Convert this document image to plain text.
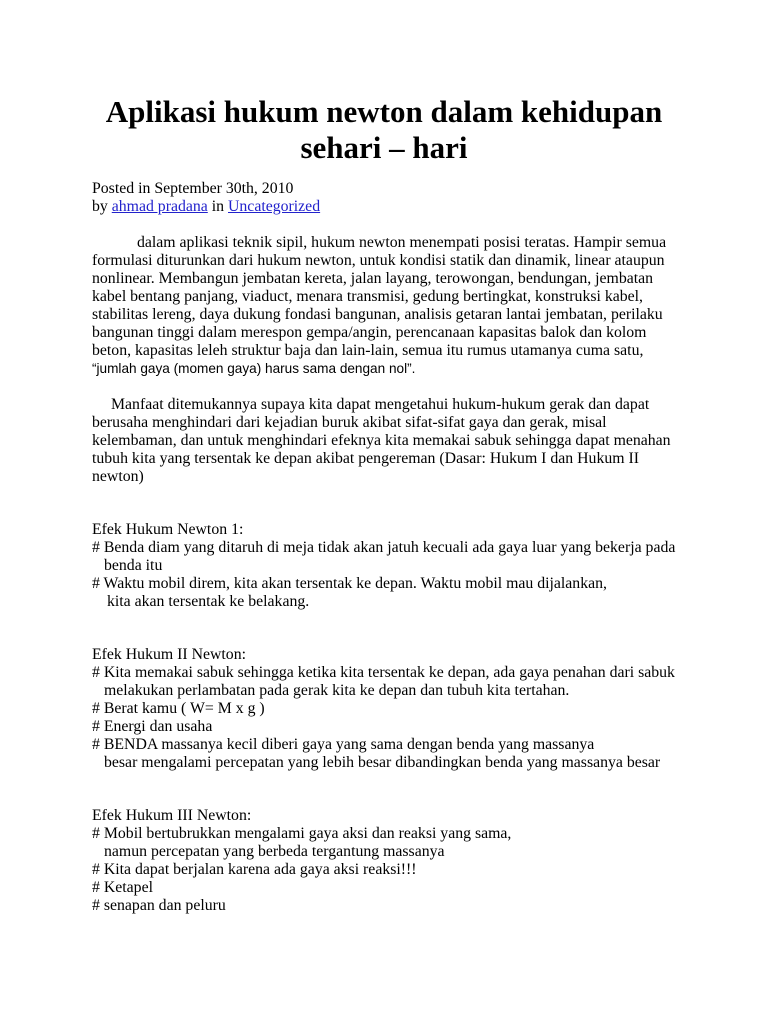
Aplikasi hukum newton dalam kehidupan
sehari – hari
Posted in September 30th, 2010
by ahmad pradana in Uncategorized
dalam aplikasi teknik sipil, hukum newton menempati posisi teratas. Hampir semua
formulasi diturunkan dari hukum newton, untuk kondisi statik dan dinamik, linear ataupun
nonlinear. Membangun jembatan kereta, jalan layang, terowongan, bendungan, jembatan
kabel bentang panjang, viaduct, menara transmisi, gedung bertingkat, konstruksi kabel,
stabilitas lereng, daya dukung fondasi bangunan, analisis getaran lantai jembatan, perilaku
bangunan tinggi dalam merespon gempa/angin, perencanaan kapasitas balok dan kolom
beton, kapasitas leleh struktur baja dan lain-lain, semua itu rumus utamanya cuma satu,
“jumlah gaya (momen gaya) harus sama dengan nol”.
Manfaat ditemukannya supaya kita dapat mengetahui hukum-hukum gerak dan dapat
berusaha menghindari dari kejadian buruk akibat sifat-sifat gaya dan gerak, misal
kelembaman, dan untuk menghindari efeknya kita memakai sabuk sehingga dapat menahan
tubuh kita yang tersentak ke depan akibat pengereman (Dasar: Hukum I dan Hukum II
newton)
Efek Hukum Newton 1:
# Benda diam yang ditaruh di meja tidak akan jatuh kecuali ada gaya luar yang bekerja pada
benda itu
# Waktu mobil direm, kita akan tersentak ke depan. Waktu mobil mau dijalankan,
kita akan tersentak ke belakang.
Efek Hukum II Newton:
# Kita memakai sabuk sehingga ketika kita tersentak ke depan, ada gaya penahan dari sabuk
melakukan perlambatan pada gerak kita ke depan dan tubuh kita tertahan.
# Berat kamu ( W= M x g )
# Energi dan usaha
# BENDA massanya kecil diberi gaya yang sama dengan benda yang massanya
besar mengalami percepatan yang lebih besar dibandingkan benda yang massanya besar
Efek Hukum III Newton:
# Mobil bertubrukkan mengalami gaya aksi dan reaksi yang sama,
namun percepatan yang berbeda tergantung massanya
# Kita dapat berjalan karena ada gaya aksi reaksi!!!
# Ketapel
# senapan dan peluru
